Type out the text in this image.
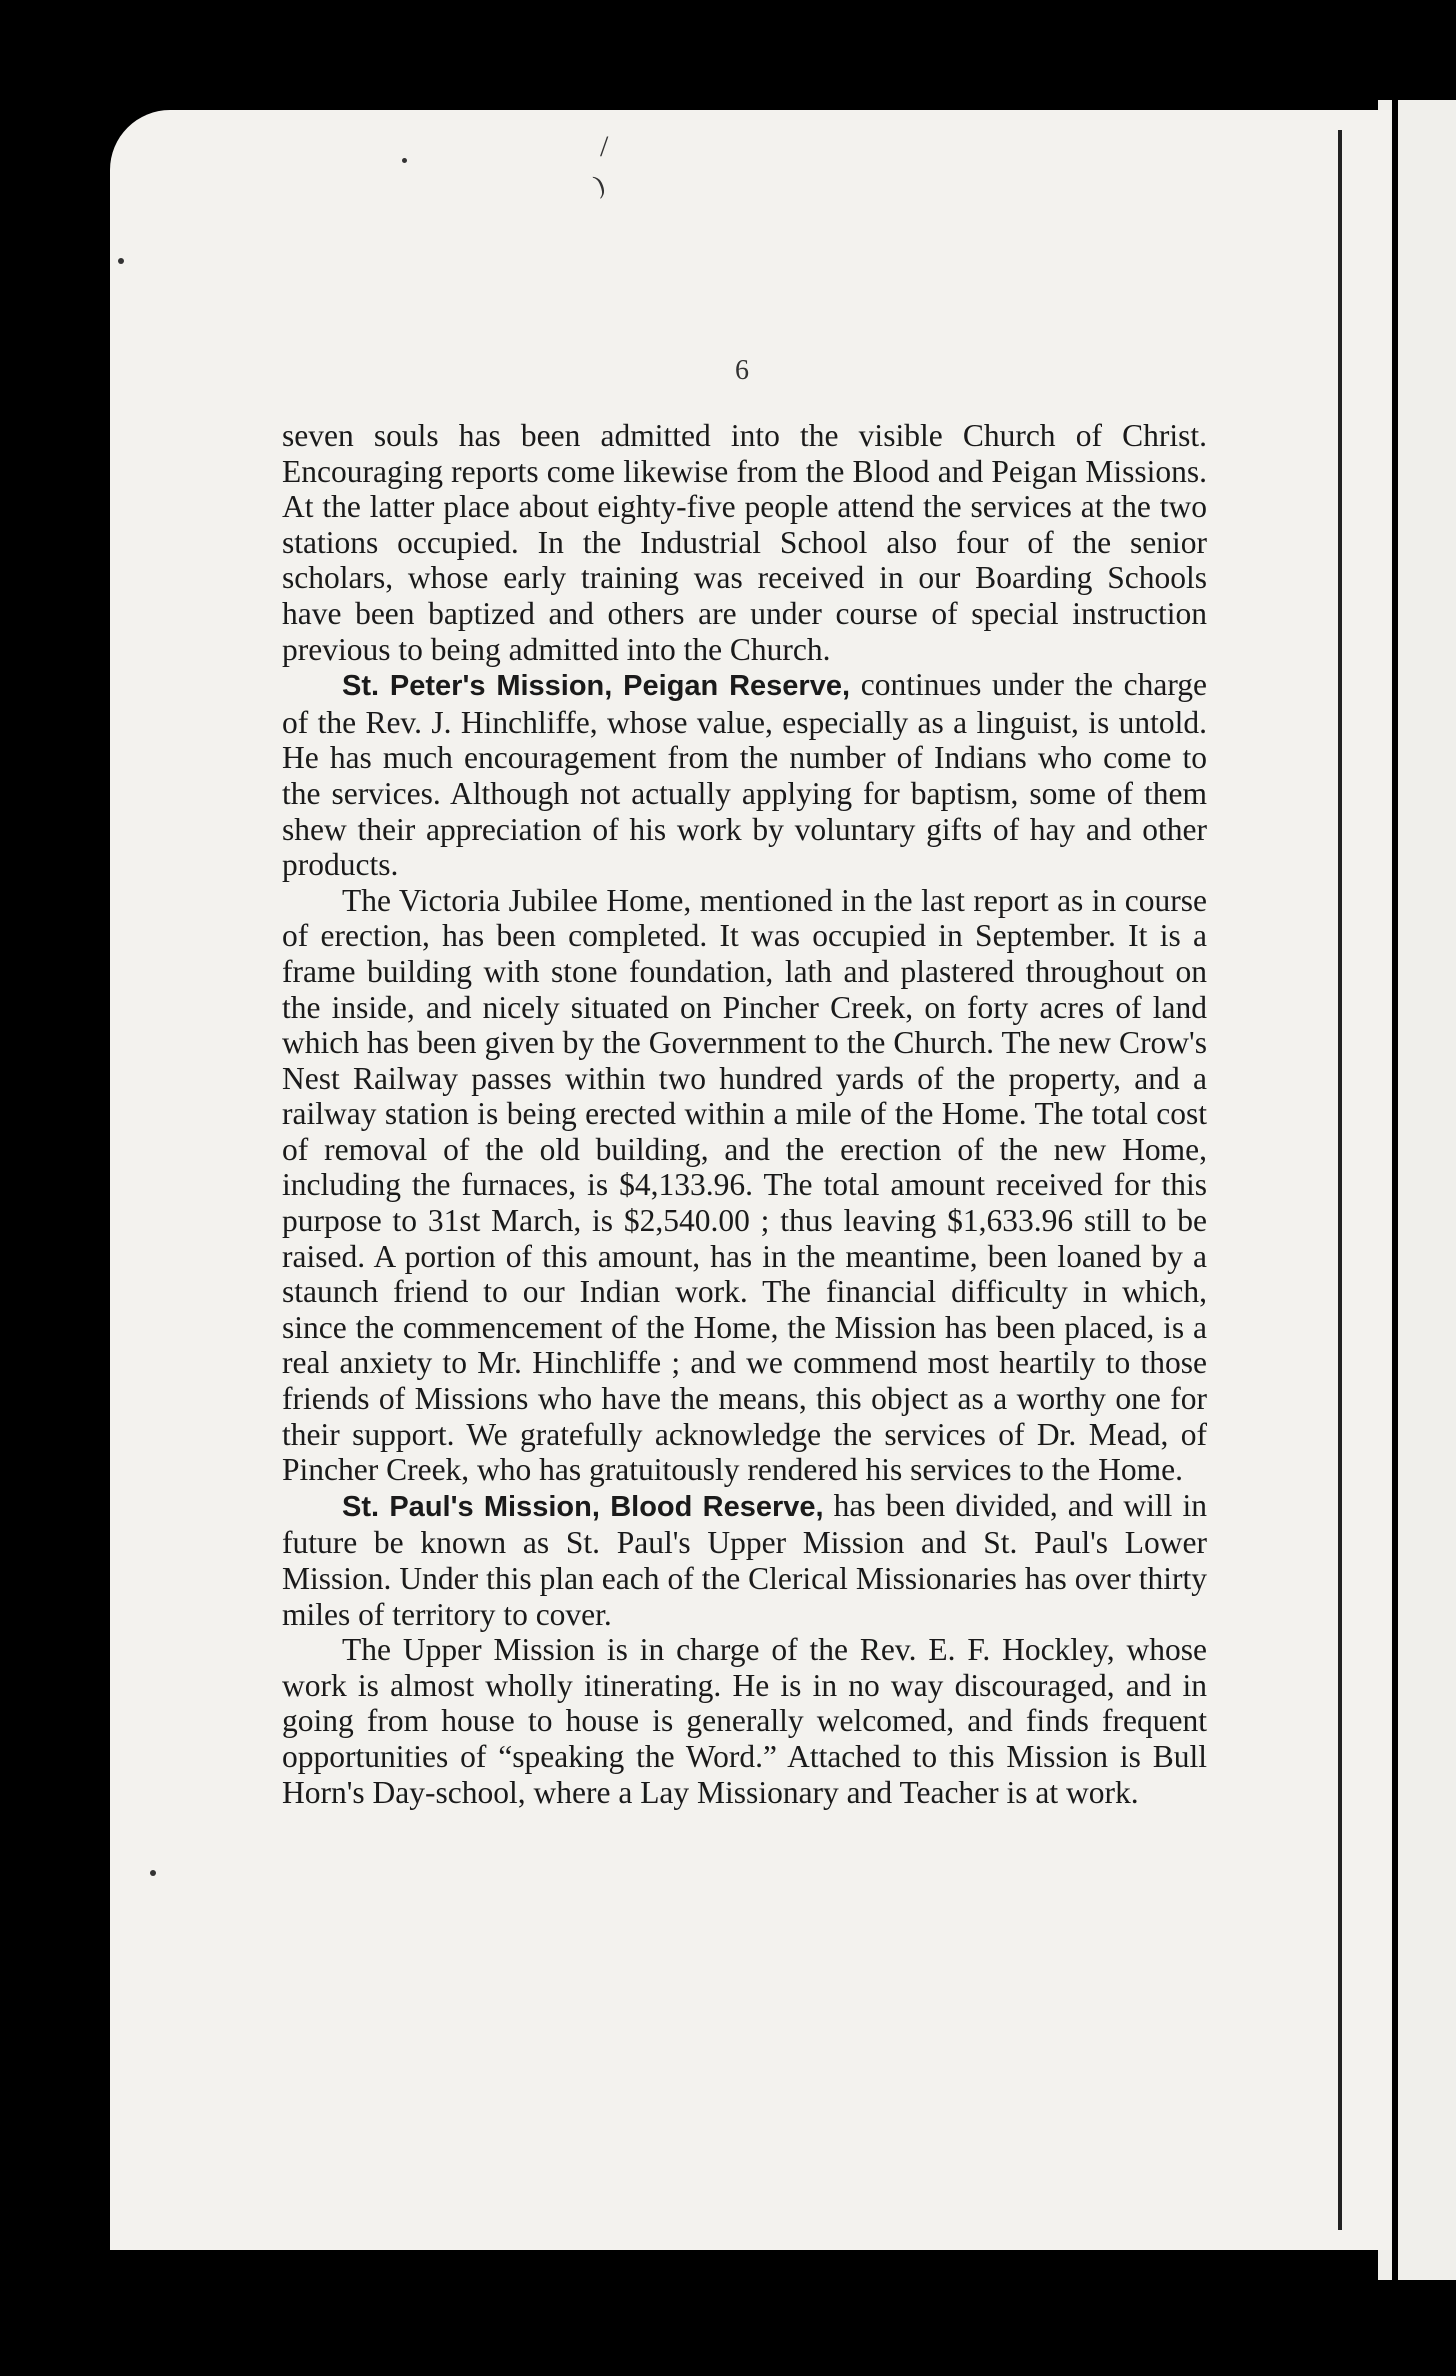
/
)
6

seven souls has been admitted into the visible Church of Christ. Encouraging reports come likewise from the Blood and Peigan Missions. At the latter place about eighty-five people attend the services at the two stations occupied. In the Industrial School also four of the senior scholars, whose early training was received in our Boarding Schools have been baptized and others are under course of special instruction previous to being admitted into the Church.

St. Peter's Mission, Peigan Reserve, continues under the charge of the Rev. J. Hinchliffe, whose value, especially as a linguist, is untold. He has much encouragement from the number of Indians who come to the services. Although not actually applying for baptism, some of them shew their appreciation of his work by voluntary gifts of hay and other products.

The Victoria Jubilee Home, mentioned in the last report as in course of erection, has been completed. It was occupied in September. It is a frame building with stone foundation, lath and plastered throughout on the inside, and nicely situated on Pincher Creek, on forty acres of land which has been given by the Government to the Church. The new Crow's Nest Railway passes within two hundred yards of the property, and a railway station is being erected within a mile of the Home. The total cost of removal of the old building, and the erection of the new Home, including the furnaces, is $4,133.96. The total amount received for this purpose to 31st March, is $2,540.00 ; thus leaving $1,633.96 still to be raised. A portion of this amount, has in the meantime, been loaned by a staunch friend to our Indian work. The financial difficulty in which, since the commencement of the Home, the Mission has been placed, is a real anxiety to Mr. Hinchliffe ; and we commend most heartily to those friends of Missions who have the means, this object as a worthy one for their support. We gratefully acknowledge the services of Dr. Mead, of Pincher Creek, who has gratuitously rendered his services to the Home.

St. Paul's Mission, Blood Reserve, has been divided, and will in future be known as St. Paul's Upper Mission and St. Paul's Lower Mission. Under this plan each of the Clerical Missionaries has over thirty miles of territory to cover.

The Upper Mission is in charge of the Rev. E. F. Hockley, whose work is almost wholly itinerating. He is in no way discouraged, and in going from house to house is generally welcomed, and finds frequent opportunities of “speaking the Word.” Attached to this Mission is Bull Horn's Day-school, where a Lay Missionary and Teacher is at work.
